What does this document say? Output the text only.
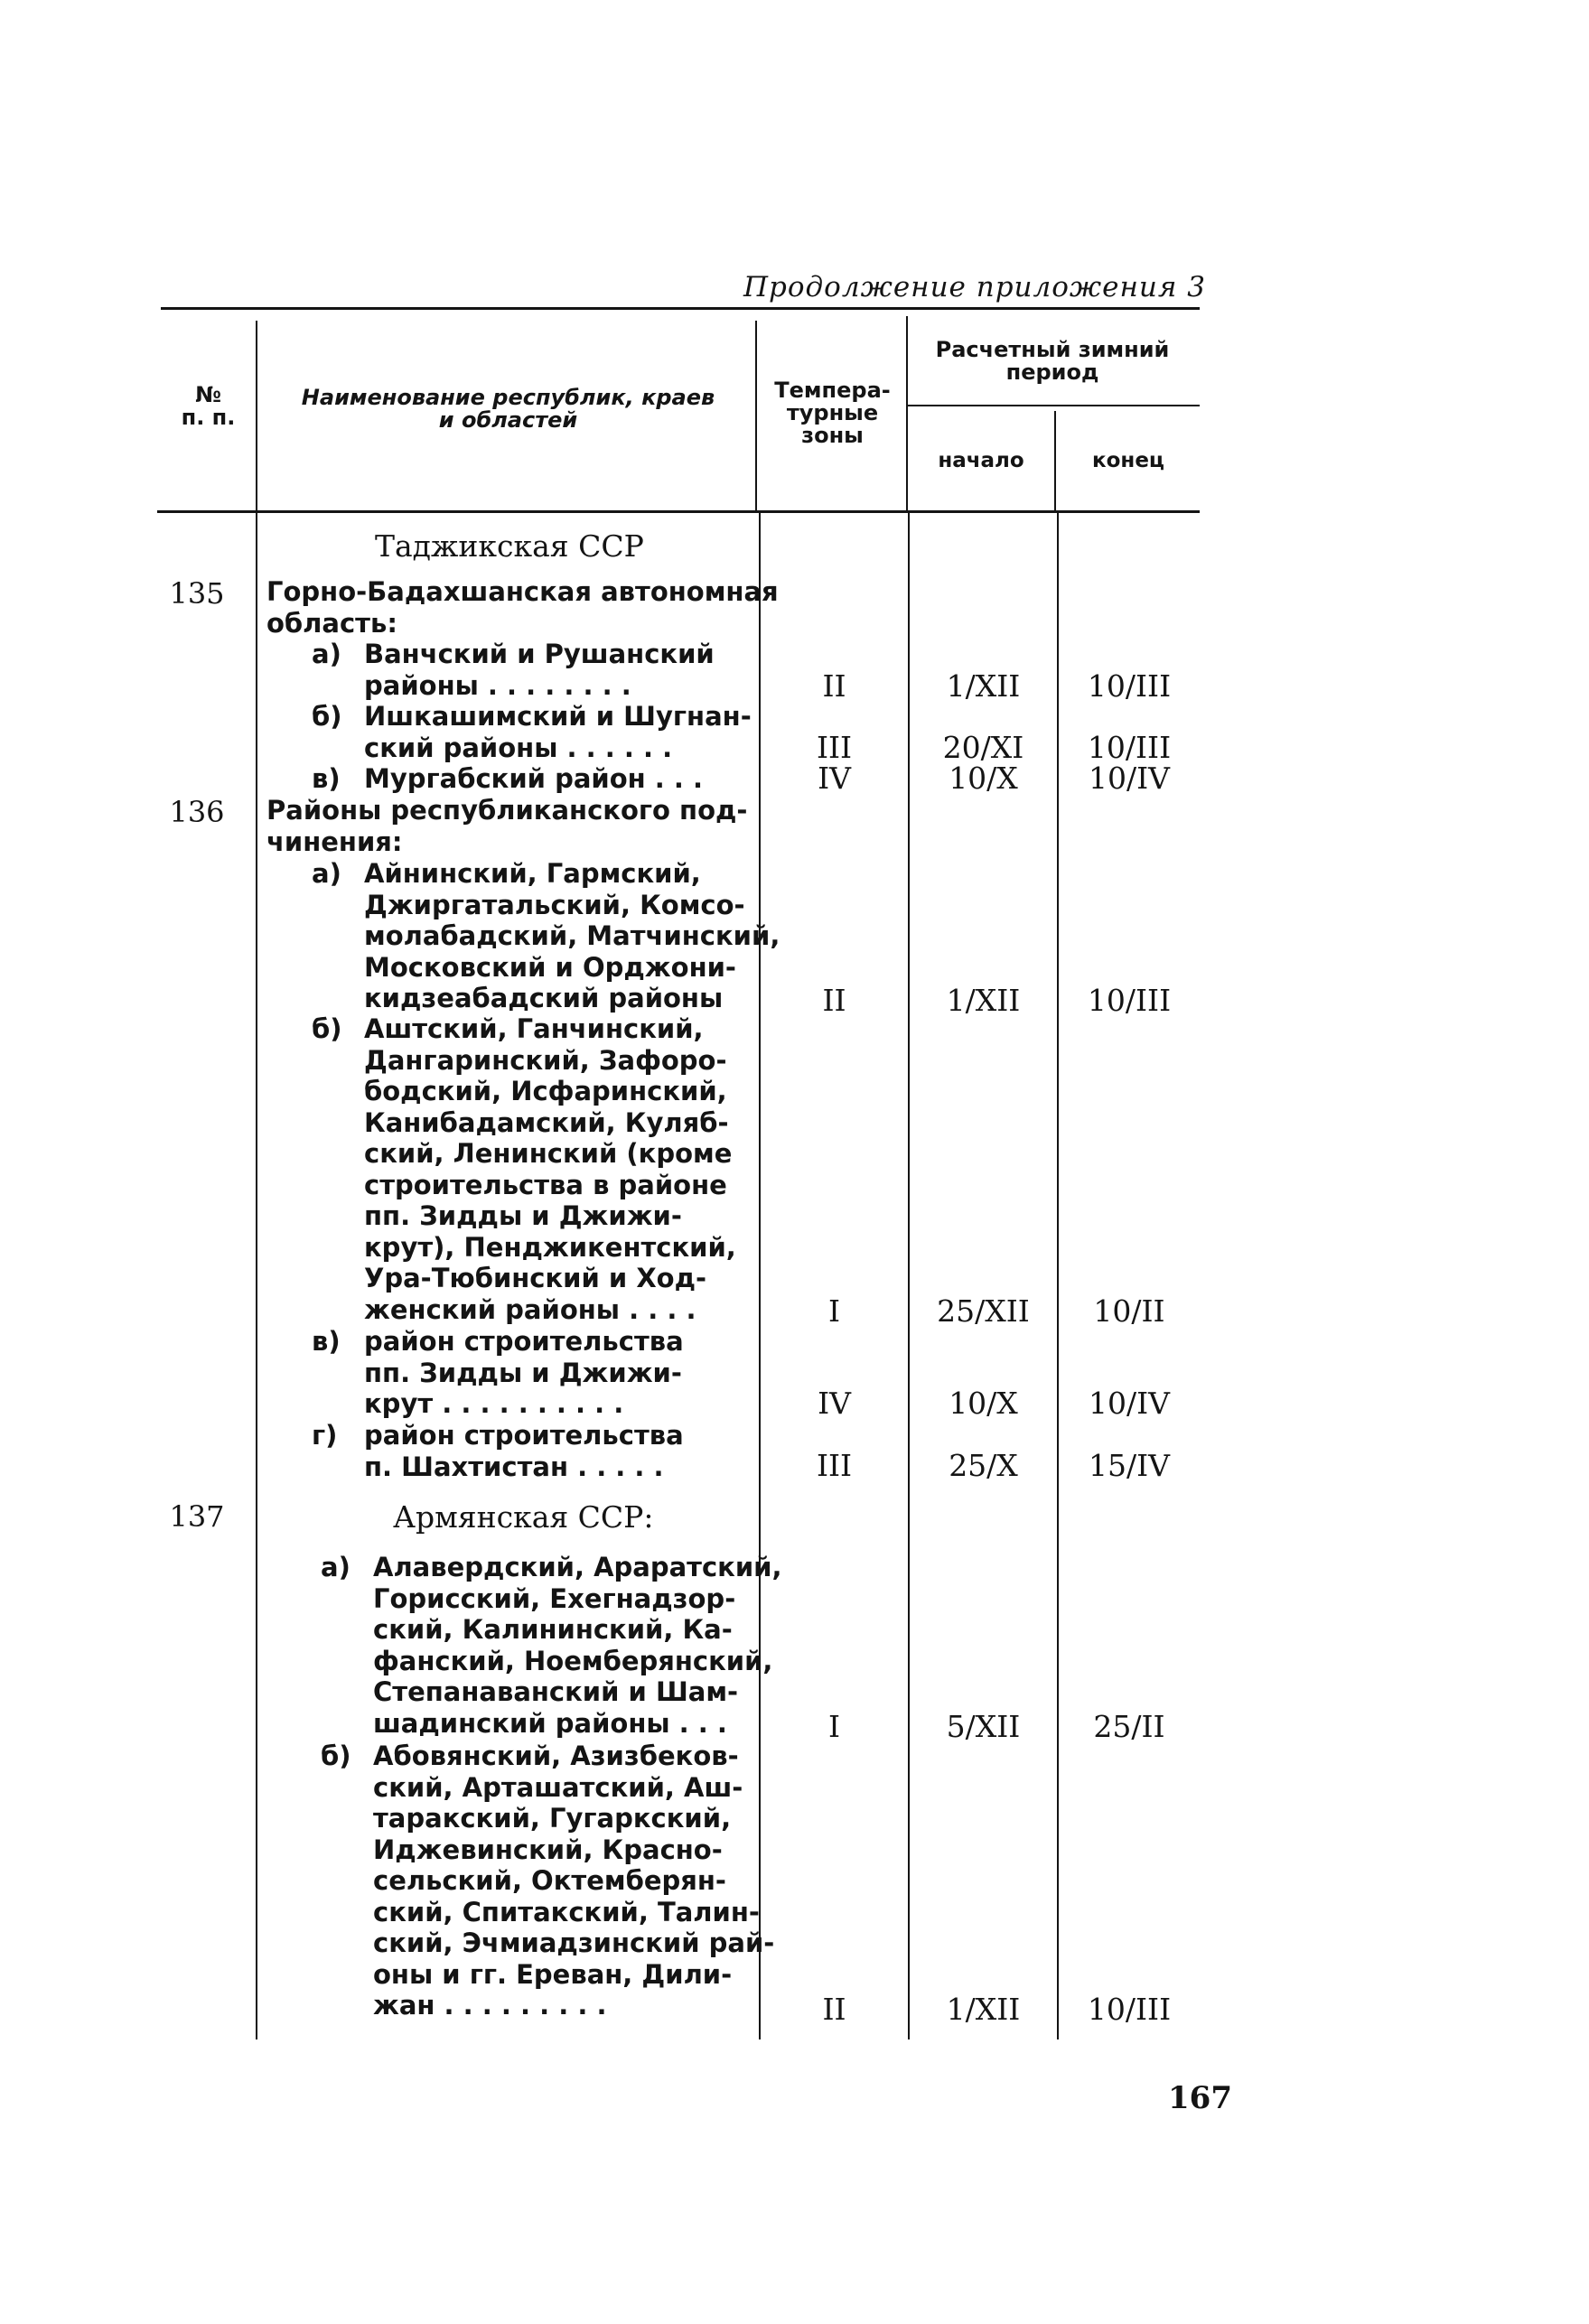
Продолжение приложения 3
№
п. п.
Наименование республик, краев
и областей
Темпера-
турные
зоны
Расчетный зимний
период
начало	конец
Таджикская ССР
135	Горно-Бадахшанская автономная
область:
а) Ванчский и Рушанский
районы . . . . . . . .	II	1/XII	10/III
б) Ишкашимский и Шугнан-
ский районы . . . . . .	III	20/XI	10/III
в) Мургабский район . . .	IV	10/X	10/IV
136	Районы республиканского под-
чинения:
а) Айнинский, Гармский,
Джиргатальский, Комсо-
молабадский, Матчинский,
Московский и Орджони-
кидзеабадский районы	II	1/XII	10/III
б) Аштский, Ганчинский,
Дангаринский, Зафоро-
бодский, Исфаринский,
Канибадамский, Куляб-
ский, Ленинский (кроме
строительства в районе
пп. Зидды и Джижи-
крут), Пенджикентский,
Ура-Тюбинский и Ход-
женский районы . . . .	I	25/XII	10/II
в) район строительства
пп. Зидды и Джижи-
крут . . . . . . . . . .	IV	10/X	10/IV
г) район строительства
п. Шахтистан . . . . .	III	25/X	15/IV
137	Армянская ССР:
а) Алавердский, Араратский,
Горисский, Ехегнадзор-
ский, Калининский, Ка-
фанский, Ноемберянский,
Степанаванский и Шам-
шадинский районы . . .	I	5/XII	25/II
б) Абовянский, Азизбеков-
ский, Арташатский, Аш-
таракский, Гугаркский,
Иджевинский, Красно-
сельский, Октемберян-
ский, Спитакский, Талин-
ский, Эчмиадзинский рай-
оны и гг. Ереван, Дили-
жан . . . . . . . . .	II	1/XII	10/III
167
